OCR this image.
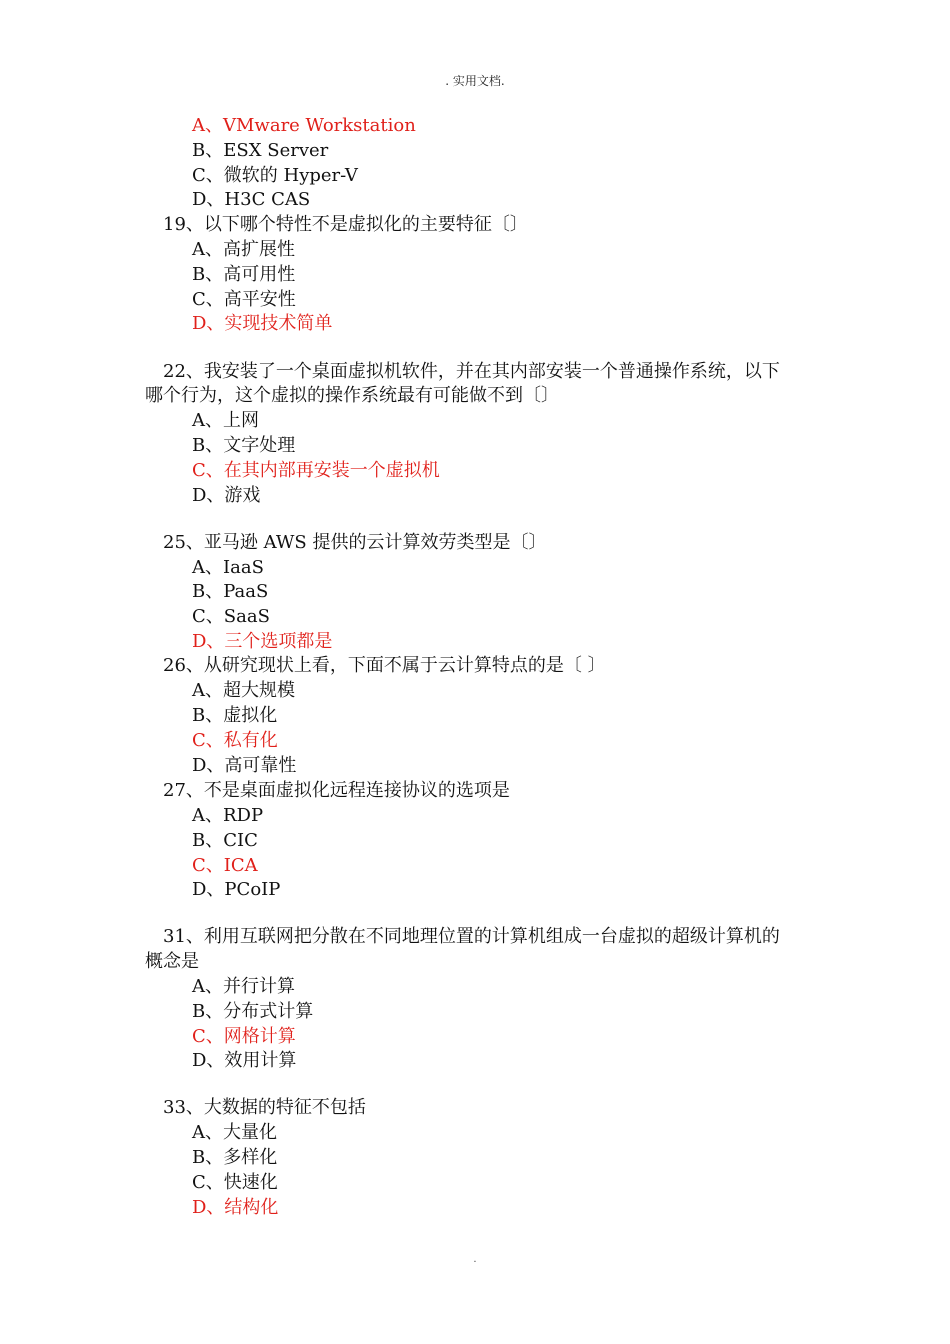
. 实用文档.
A、VMware Workstation
B、ESX Server
C、微软的 Hyper-V
D、H3C CAS
19、以下哪个特性不是虚拟化的主要特征〔〕
A、高扩展性
B、高可用性
C、高平安性
D、实现技术简单
22、我安装了一个桌面虚拟机软件，并在其内部安装一个普通操作系统，以下
哪个行为，这个虚拟的操作系统最有可能做不到〔〕
A、上网
B、文字处理
C、在其内部再安装一个虚拟机
D、游戏
25、亚马逊 AWS 提供的云计算效劳类型是〔〕
A、IaaS
B、PaaS
C、SaaS
D、三个选项都是
26、从研究现状上看，下面不属于云计算特点的是〔 〕
A、超大规模
B、虚拟化
C、私有化
D、高可靠性
27、不是桌面虚拟化远程连接协议的选项是
A、RDP
B、CIC
C、ICA
D、PCoIP
31、利用互联网把分散在不同地理位置的计算机组成一台虚拟的超级计算机的
概念是
A、并行计算
B、分布式计算
C、网格计算
D、效用计算
33、大数据的特征不包括
A、大量化
B、多样化
C、快速化
D、结构化
.
